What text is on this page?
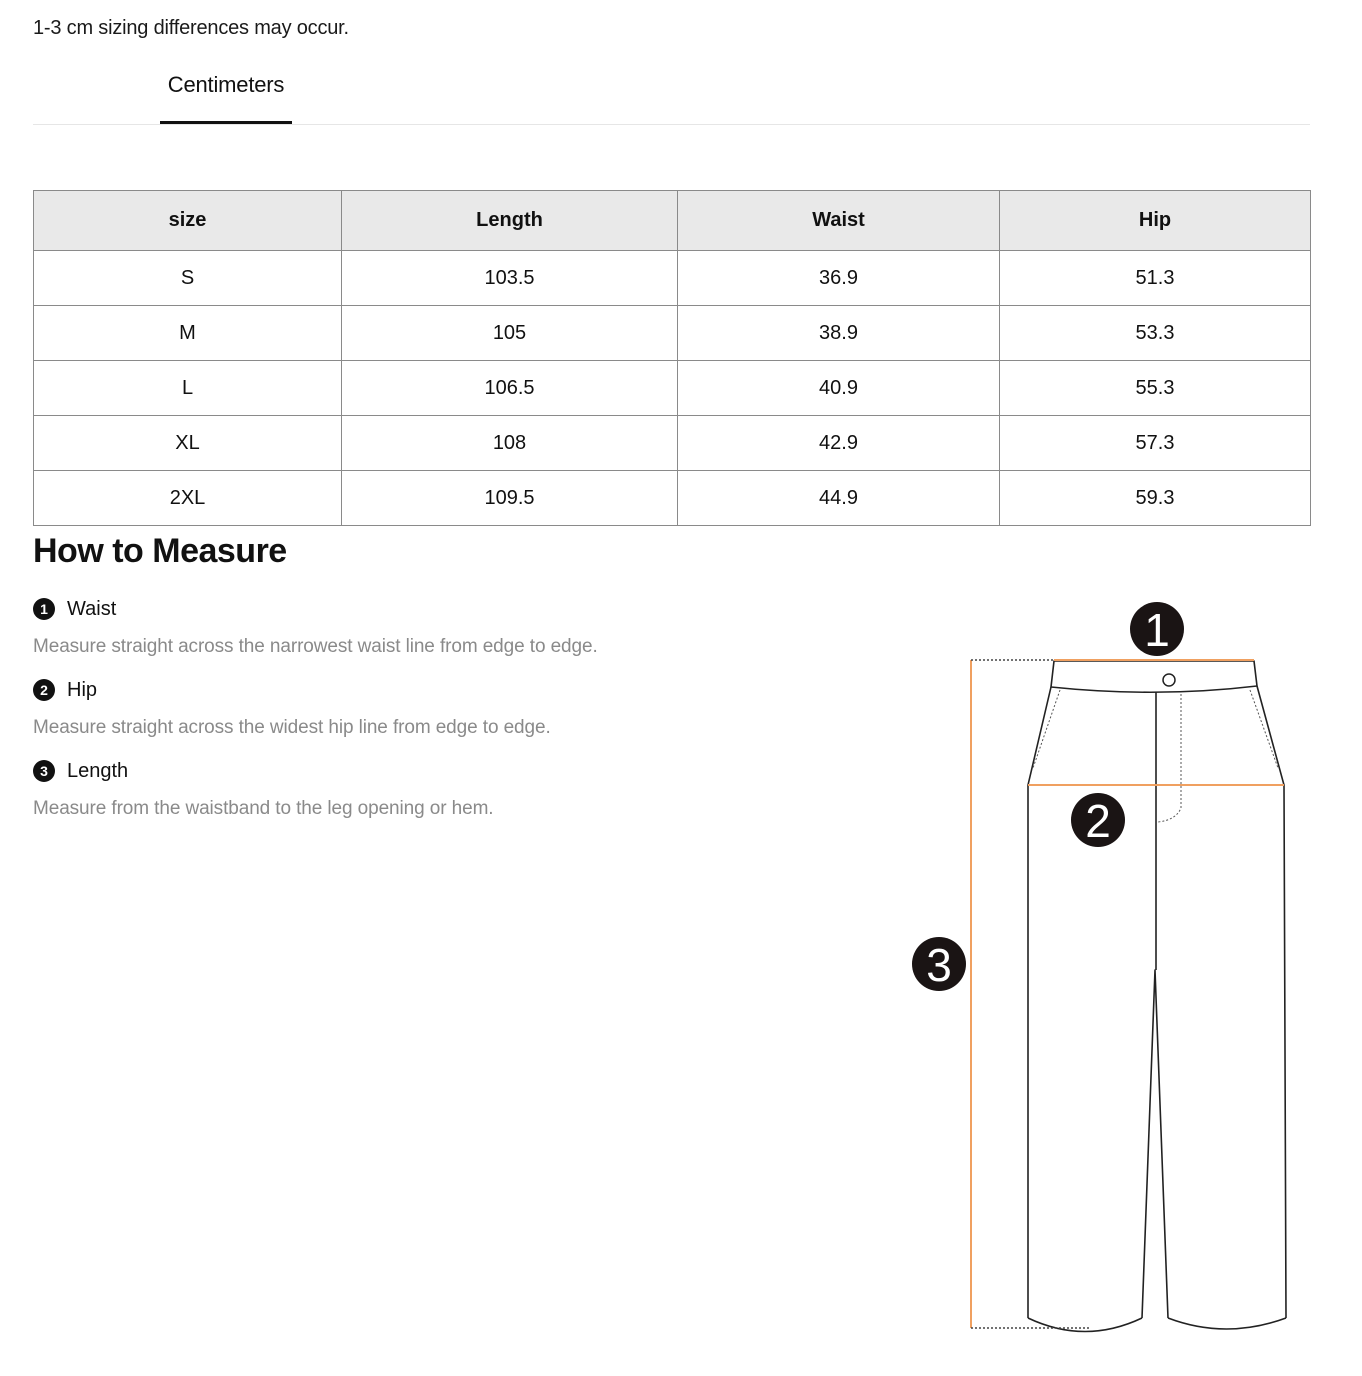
1-3 cm sizing differences may occur.
Centimeters
size	Length	Waist	Hip
S	103.5	36.9	51.3
M	105	38.9	53.3
L	106.5	40.9	55.3
XL	108	42.9	57.3
2XL	109.5	44.9	59.3
How to Measure
1 Waist
Measure straight across the narrowest waist line from edge to edge.
2 Hip
Measure straight across the widest hip line from edge to edge.
3 Length
Measure from the waistband to the leg opening or hem.
1
2
3
